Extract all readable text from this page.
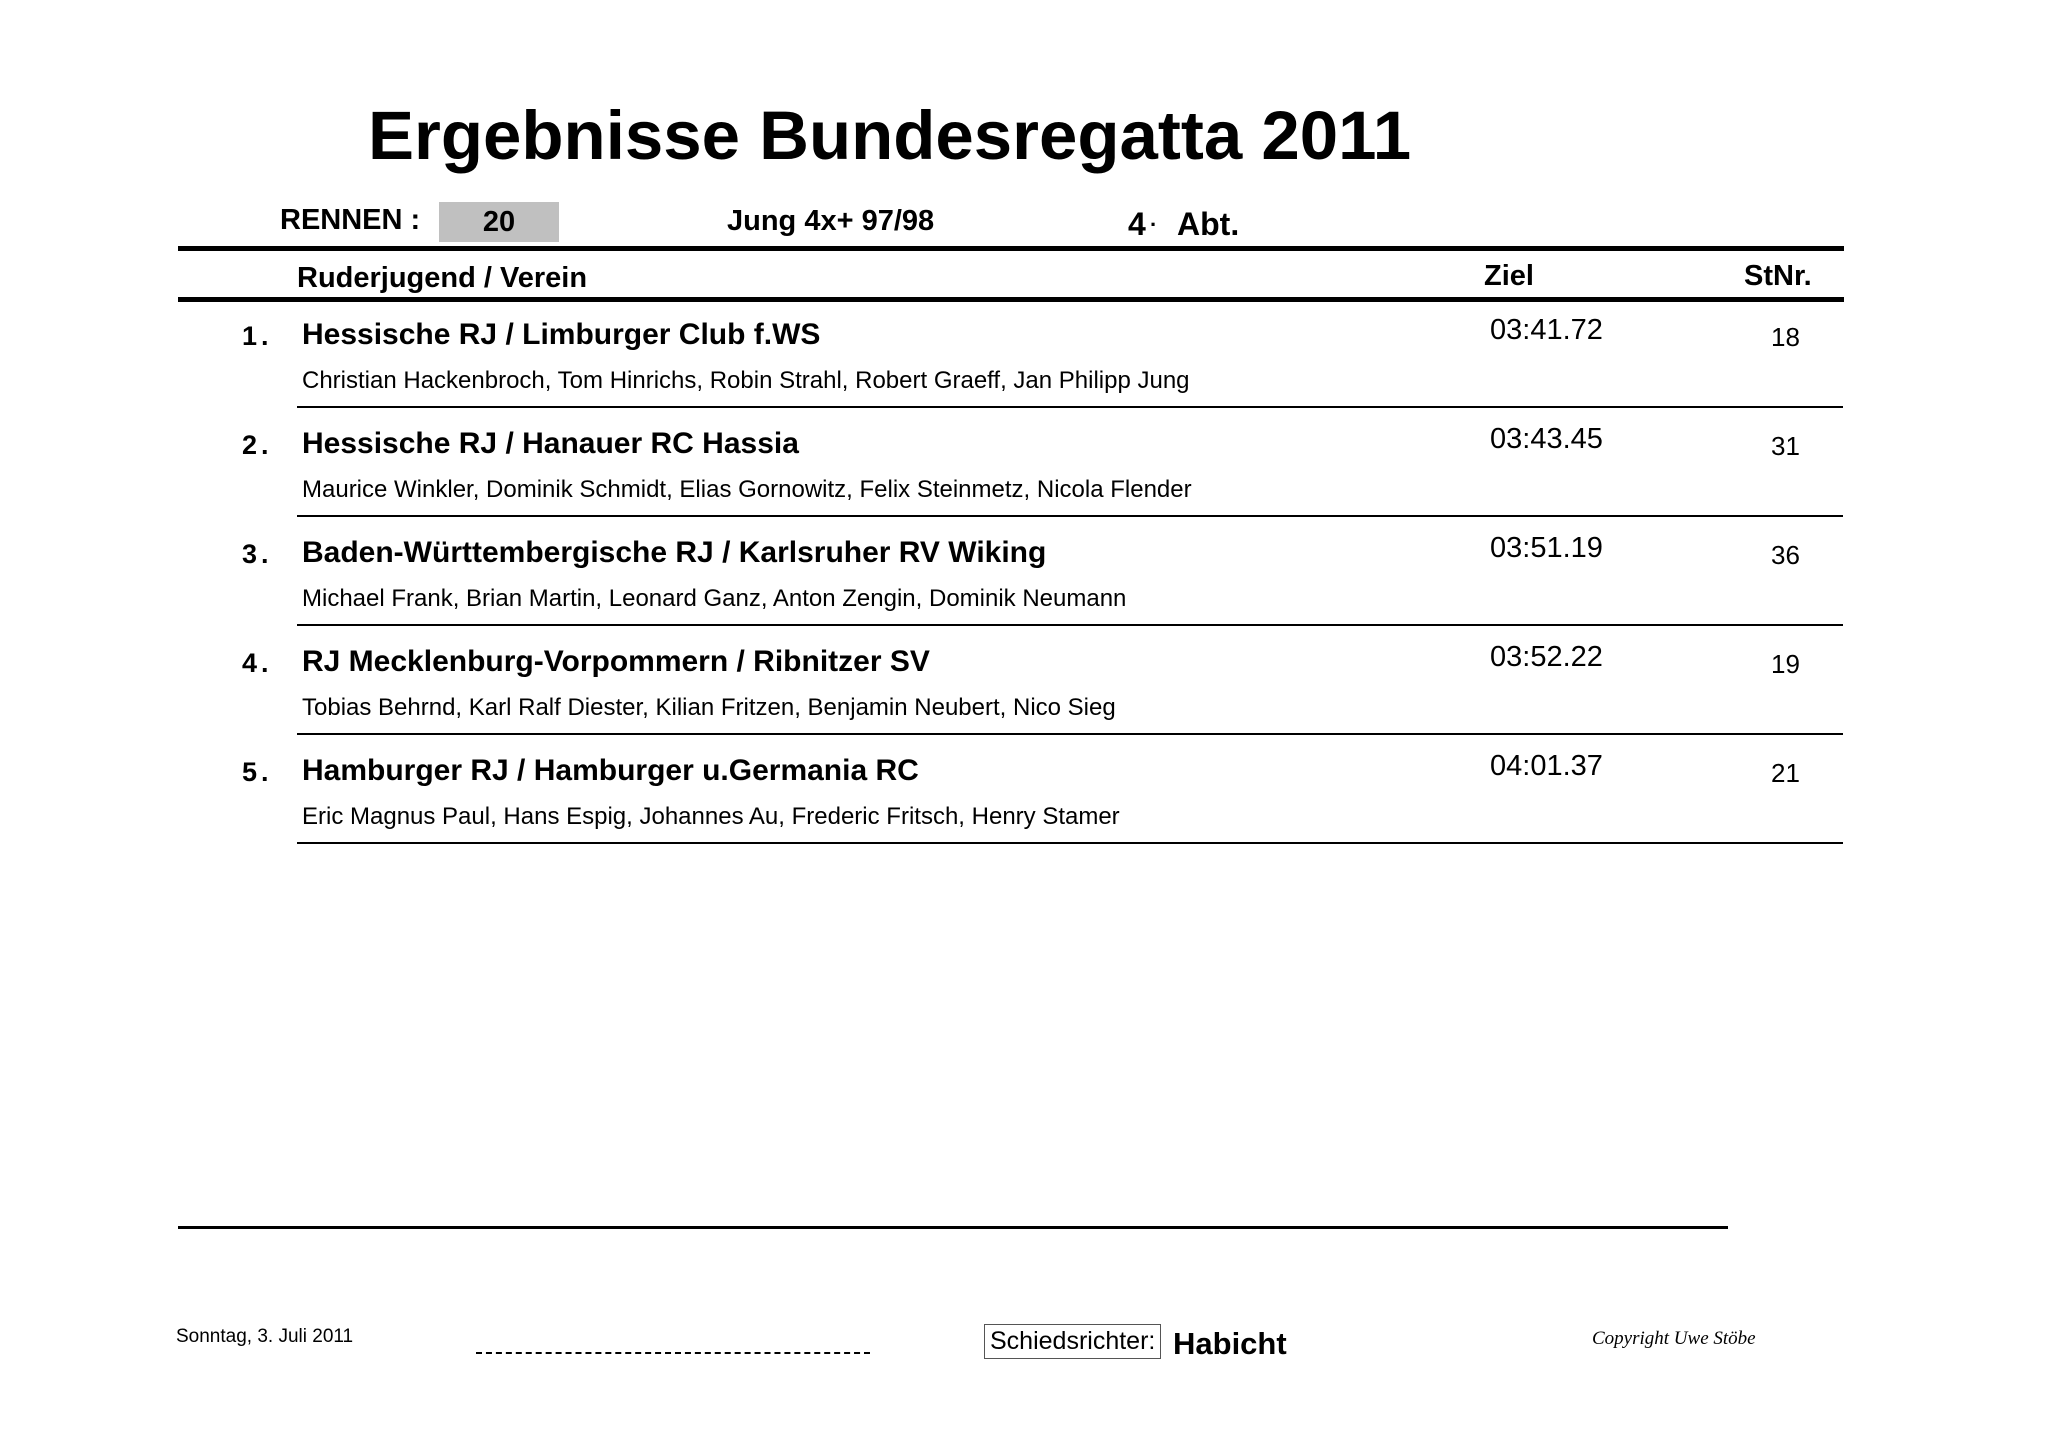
Ergebnisse Bundesregatta 2011
RENNEN :	20	Jung 4x+ 97/98	4 . Abt.
Ruderjugend / Verein	Ziel	StNr.
1. Hessische RJ / Limburger Club f.WS
Christian Hackenbroch, Tom Hinrichs, Robin Strahl, Robert Graeff, Jan Philipp Jung
03:41.72	18
2. Hessische RJ / Hanauer RC Hassia
Maurice Winkler, Dominik Schmidt, Elias Gornowitz, Felix Steinmetz, Nicola Flender
03:43.45	31
3. Baden-Württembergische RJ / Karlsruher RV Wiking
Michael Frank, Brian Martin, Leonard Ganz, Anton Zengin, Dominik Neumann
03:51.19	36
4. RJ Mecklenburg-Vorpommern / Ribnitzer SV
Tobias Behrnd, Karl Ralf Diester, Kilian Fritzen, Benjamin Neubert, Nico Sieg
03:52.22	19
5. Hamburger RJ / Hamburger u.Germania RC
Eric Magnus Paul, Hans Espig, Johannes Au, Frederic Fritsch, Henry Stamer
04:01.37	21
Sonntag, 3. Juli 2011	Schiedsrichter: Habicht	Copyright Uwe Stöbe
